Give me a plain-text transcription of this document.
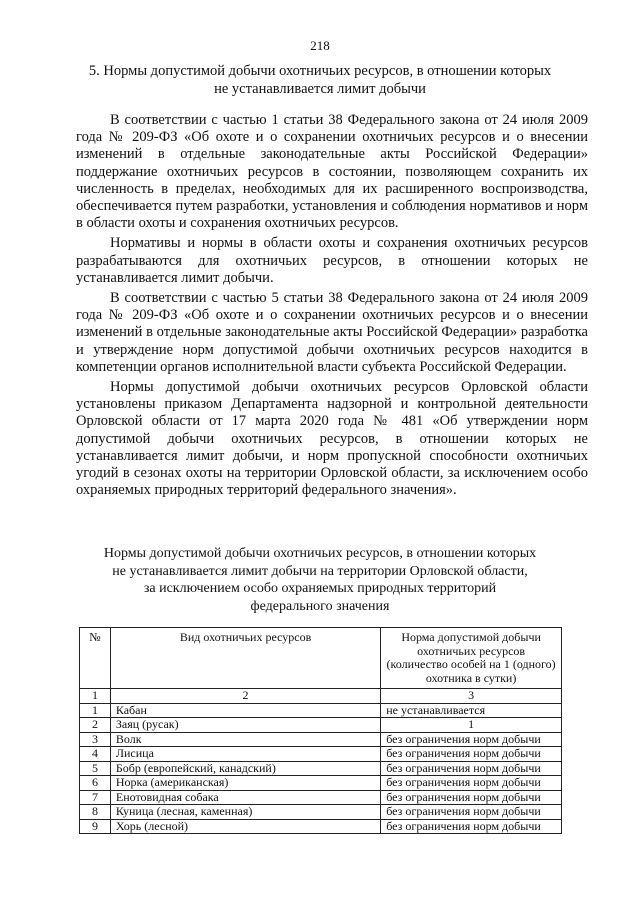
218
5. Нормы допустимой добычи охотничьих ресурсов, в отношении которых
не устанавливается лимит добычи

В соответствии с частью 1 статьи 38 Федерального закона от 24 июля 2009 года № 209-ФЗ «Об охоте и о сохранении охотничьих ресурсов и о внесении изменений в отдельные законодательные акты Российской Федерации» поддержание охотничьих ресурсов в состоянии, позволяющем сохранить их численность в пределах, необходимых для их расширенного воспроизводства, обеспечивается путем разработки, установления и соблюдения нормативов и норм в области охоты и сохранения охотничьих ресурсов.

Нормативы и нормы в области охоты и сохранения охотничьих ресурсов разрабатываются для охотничьих ресурсов, в отношении которых не устанавливается лимит добычи.

В соответствии с частью 5 статьи 38 Федерального закона от 24 июля 2009 года № 209-ФЗ «Об охоте и о сохранении охотничьих ресурсов и о внесении изменений в отдельные законодательные акты Российской Федерации» разработка и утверждение норм допустимой добычи охотничьих ресурсов находится в компетенции органов исполнительной власти субъекта Российской Федерации.

Нормы допустимой добычи охотничьих ресурсов Орловской области установлены приказом Департамента надзорной и контрольной деятельности Орловской области от 17 марта 2020 года № 481 «Об утверждении норм допустимой добычи охотничьих ресурсов, в отношении которых не устанавливается лимит добычи, и норм пропускной способности охотничьих угодий в сезонах охоты на территории Орловской области, за исключением особо охраняемых природных территорий федерального значения».

Нормы допустимой добычи охотничьих ресурсов, в отношении которых
не устанавливается лимит добычи на территории Орловской области,
за исключением особо охраняемых природных территорий
федерального значения
№	Вид охотничьих ресурсов	Норма допустимой добычи охотничьих ресурсов (количество особей на 1 (одного) охотника в сутки)
1	2	3
1	Кабан	не устанавливается
2	Заяц (русак)	1
3	Волк	без ограничения норм добычи
4	Лисица	без ограничения норм добычи
5	Бобр (европейский, канадский)	без ограничения норм добычи
6	Норка (американская)	без ограничения норм добычи
7	Енотовидная собака	без ограничения норм добычи
8	Куница (лесная, каменная)	без ограничения норм добычи
9	Хорь (лесной)	без ограничения норм добычи
